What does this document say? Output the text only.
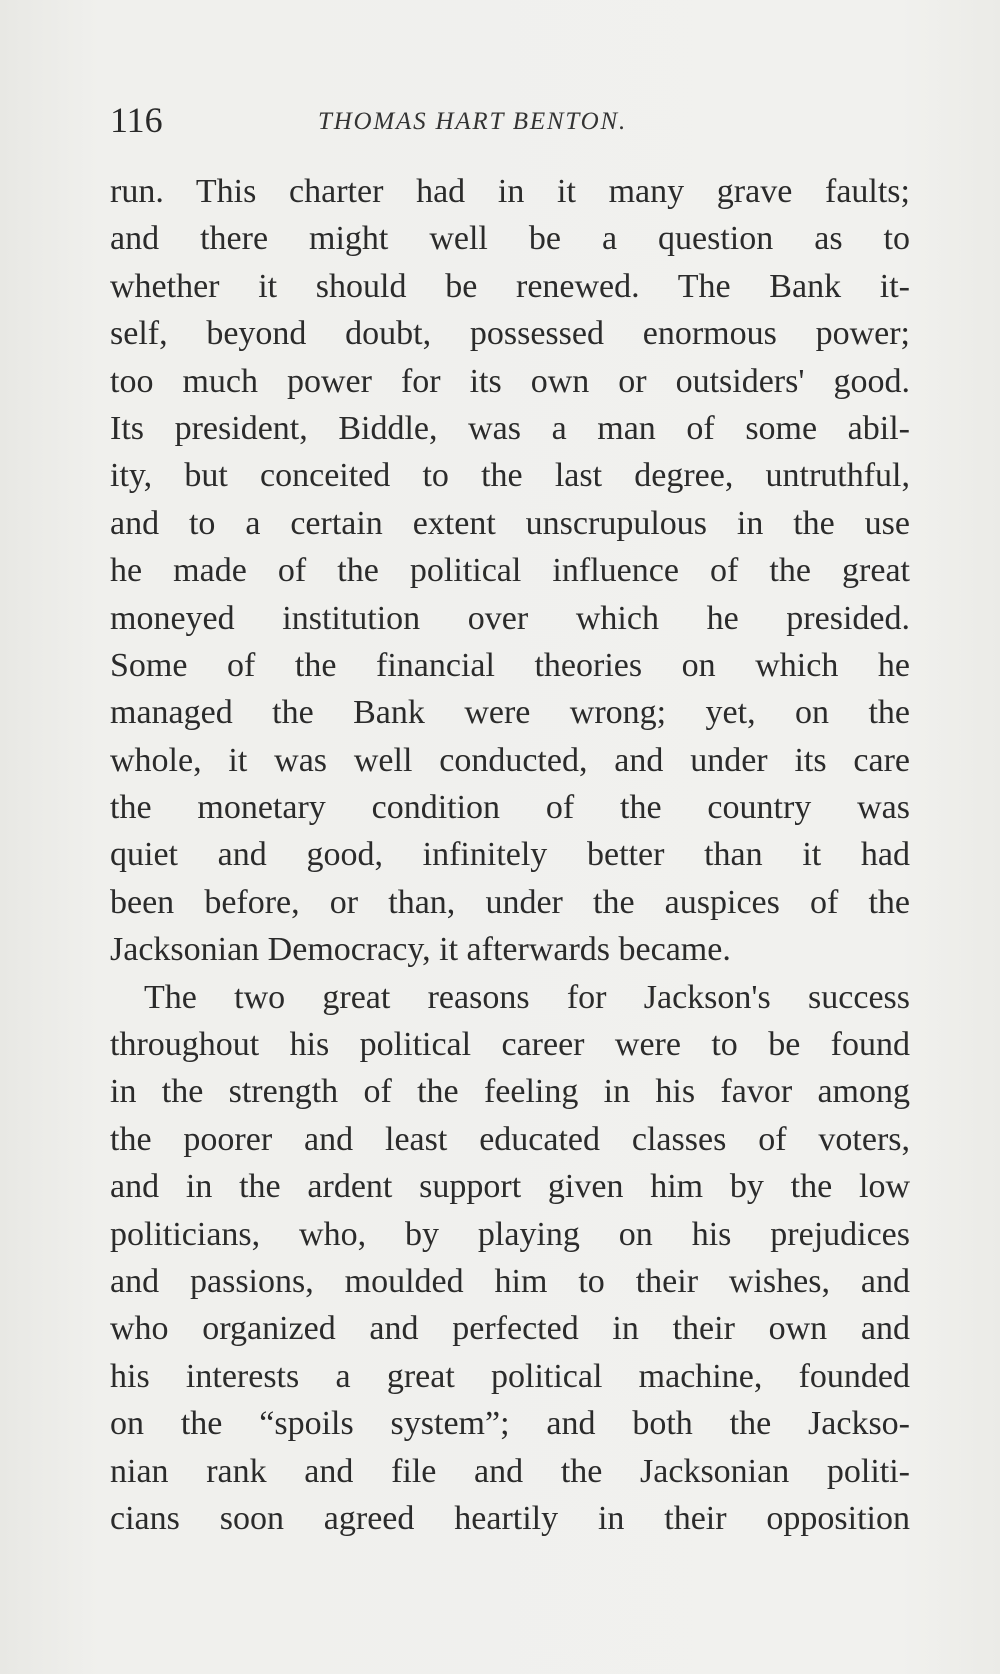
116	THOMAS HART BENTON.
run. This charter had in it many grave faults;
and there might well be a question as to
whether it should be renewed. The Bank it-
self, beyond doubt, possessed enormous power;
too much power for its own or outsiders' good.
Its president, Biddle, was a man of some abil-
ity, but conceited to the last degree, untruthful,
and to a certain extent unscrupulous in the use
he made of the political influence of the great
moneyed institution over which he presided.
Some of the financial theories on which he
managed the Bank were wrong; yet, on the
whole, it was well conducted, and under its care
the monetary condition of the country was
quiet and good, infinitely better than it had
been before, or than, under the auspices of the
Jacksonian Democracy, it afterwards became.
The two great reasons for Jackson's success
throughout his political career were to be found
in the strength of the feeling in his favor among
the poorer and least educated classes of voters,
and in the ardent support given him by the low
politicians, who, by playing on his prejudices
and passions, moulded him to their wishes, and
who organized and perfected in their own and
his interests a great political machine, founded
on the “spoils system”; and both the Jackso-
nian rank and file and the Jacksonian politi-
cians soon agreed heartily in their opposition
